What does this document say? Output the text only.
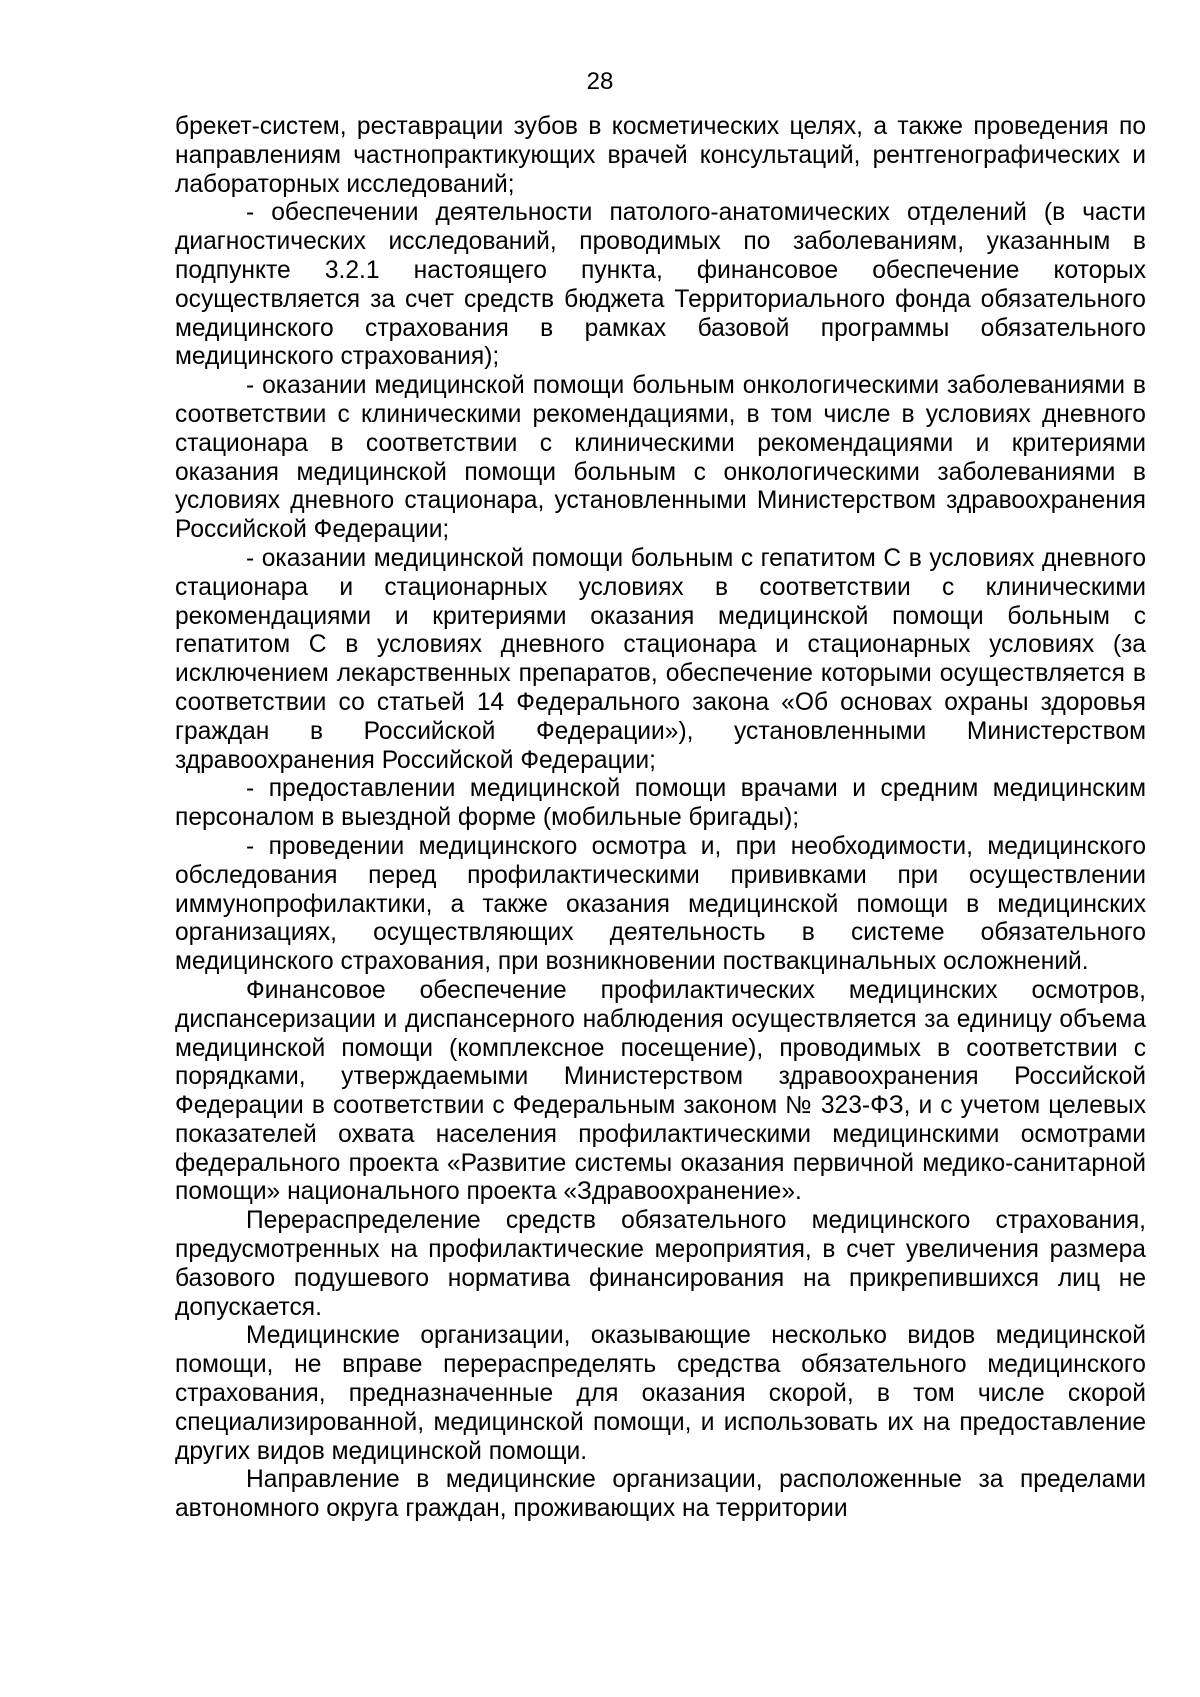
28

брекет-систем, реставрации зубов в косметических целях, а также проведения по направлениям частнопрактикующих врачей консультаций, рентгенографических и лабораторных исследований;

- обеспечении деятельности патолого-анатомических отделений (в части диагностических исследований, проводимых по заболеваниям, указанным в подпункте 3.2.1 настоящего пункта, финансовое обеспечение которых осуществляется за счет средств бюджета Территориального фонда обязательного медицинского страхования в рамках базовой программы обязательного медицинского страхования);

- оказании медицинской помощи больным онкологическими заболеваниями в соответствии с клиническими рекомендациями, в том числе в условиях дневного стационара в соответствии с клиническими рекомендациями и критериями оказания медицинской помощи больным с онкологическими заболеваниями в условиях дневного стационара, установленными Министерством здравоохранения Российской Федерации;

- оказании медицинской помощи больным с гепатитом С в условиях дневного стационара и стационарных условиях в соответствии с клиническими рекомендациями и критериями оказания медицинской помощи больным с гепатитом С в условиях дневного стационара и стационарных условиях (за исключением лекарственных препаратов, обеспечение которыми осуществляется в соответствии со статьей 14 Федерального закона «Об основах охраны здоровья граждан в Российской Федерации»), установленными Министерством здравоохранения Российской Федерации;

- предоставлении медицинской помощи врачами и средним медицинским персоналом в выездной форме (мобильные бригады);

- проведении медицинского осмотра и, при необходимости, медицинского обследования перед профилактическими прививками при осуществлении иммунопрофилактики, а также оказания медицинской помощи в медицинских организациях, осуществляющих деятельность в системе обязательного медицинского страхования, при возникновении поствакцинальных осложнений.

Финансовое обеспечение профилактических медицинских осмотров, диспансеризации и диспансерного наблюдения осуществляется за единицу объема медицинской помощи (комплексное посещение), проводимых в соответствии с порядками, утверждаемыми Министерством здравоохранения Российской Федерации в соответствии с Федеральным законом № 323-ФЗ, и с учетом целевых показателей охвата населения профилактическими медицинскими осмотрами федерального проекта «Развитие системы оказания первичной медико-санитарной помощи» национального проекта «Здравоохранение».

Перераспределение средств обязательного медицинского страхования, предусмотренных на профилактические мероприятия, в счет увеличения размера базового подушевого норматива финансирования на прикрепившихся лиц не допускается.

Медицинские организации, оказывающие несколько видов медицинской помощи, не вправе перераспределять средства обязательного медицинского страхования, предназначенные для оказания скорой, в том числе скорой специализированной, медицинской помощи, и использовать их на предоставление других видов медицинской помощи.

Направление в медицинские организации, расположенные за пределами автономного округа граждан, проживающих на территории
